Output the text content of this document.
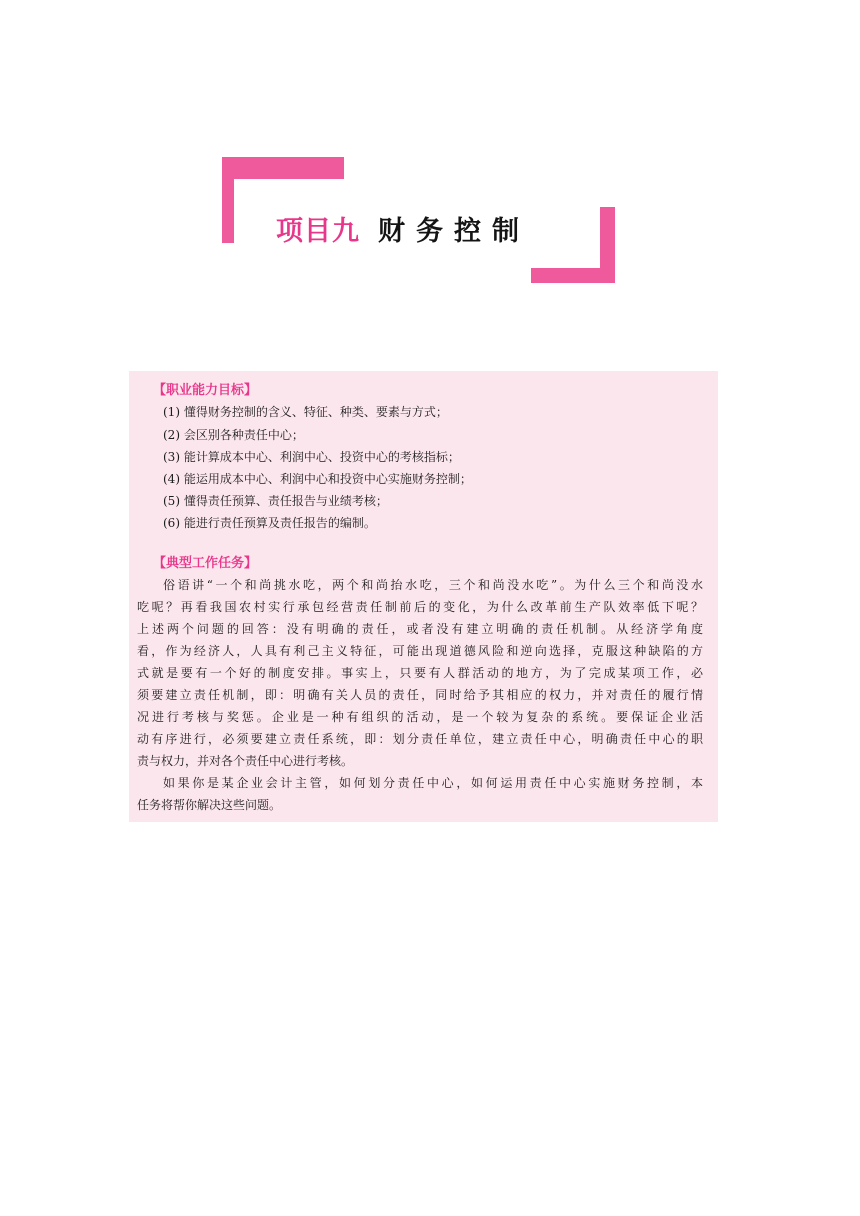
项目九 财务控制
【职业能力目标】
(1) 懂得财务控制的含义、特征、种类、要素与方式；
(2) 会区别各种责任中心；
(3) 能计算成本中心、利润中心、投资中心的考核指标；
(4) 能运用成本中心、利润中心和投资中心实施财务控制；
(5) 懂得责任预算、责任报告与业绩考核；
(6) 能进行责任预算及责任报告的编制。
【典型工作任务】
俗语讲“一个和尚挑水吃，两个和尚抬水吃，三个和尚没水吃”。为什么三个和尚没水
吃呢？再看我国农村实行承包经营责任制前后的变化，为什么改革前生产队效率低下呢？
上述两个问题的回答：没有明确的责任，或者没有建立明确的责任机制。从经济学角度
看，作为经济人，人具有利己主义特征，可能出现道德风险和逆向选择，克服这种缺陷的方
式就是要有一个好的制度安排。事实上，只要有人群活动的地方，为了完成某项工作，必
须要建立责任机制，即：明确有关人员的责任，同时给予其相应的权力，并对责任的履行情
况进行考核与奖惩。企业是一种有组织的活动，是一个较为复杂的系统。要保证企业活
动有序进行，必须要建立责任系统，即：划分责任单位，建立责任中心，明确责任中心的职
责与权力，并对各个责任中心进行考核。
如果你是某企业会计主管，如何划分责任中心，如何运用责任中心实施财务控制，本
任务将帮你解决这些问题。
